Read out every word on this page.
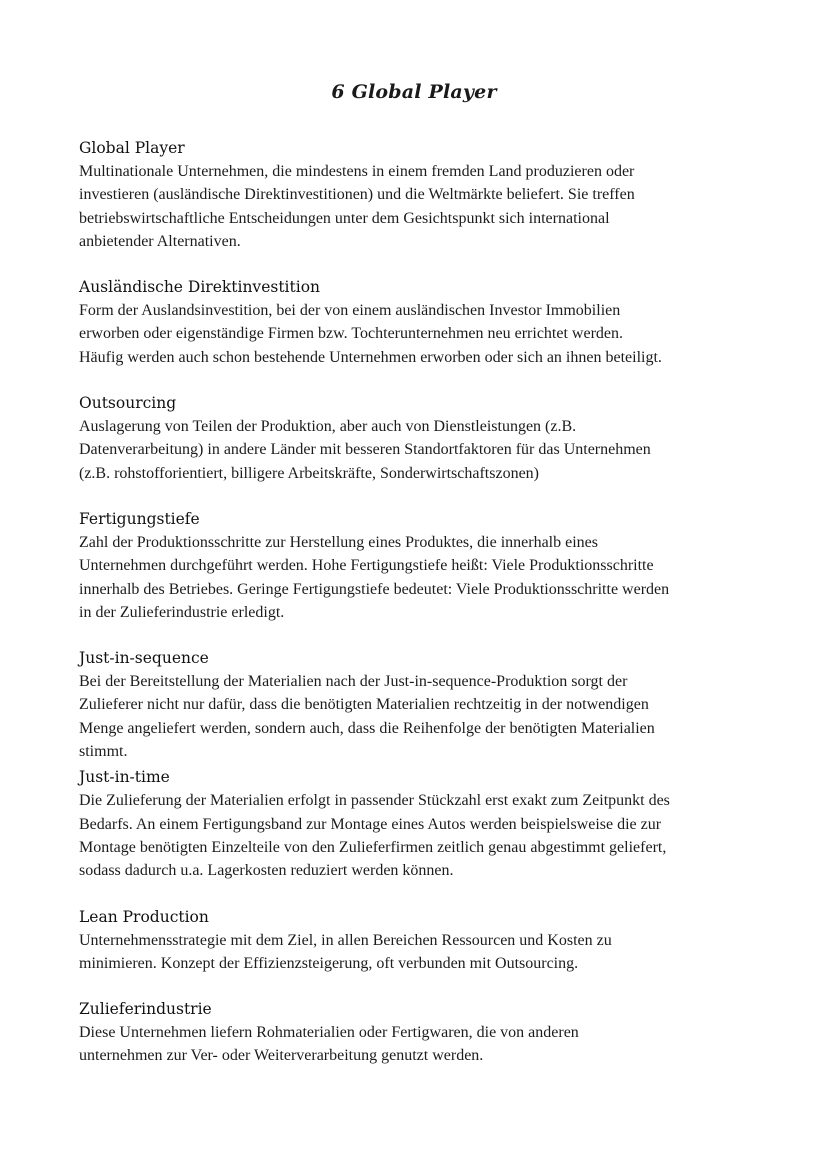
6 Global Player

Global Player

Multinationale Unternehmen, die mindestens in einem fremden Land produzieren oder

investieren (ausländische Direktinvestitionen) und die Weltmärkte beliefert. Sie treffen

betriebswirtschaftliche Entscheidungen unter dem Gesichtspunkt sich international

anbietender Alternativen.

Ausländische Direktinvestition

Form der Auslandsinvestition, bei der von einem ausländischen Investor Immobilien

erworben oder eigenständige Firmen bzw. Tochterunternehmen neu errichtet werden.

Häufig werden auch schon bestehende Unternehmen erworben oder sich an ihnen beteiligt.

Outsourcing

Auslagerung von Teilen der Produktion, aber auch von Dienstleistungen (z.B.

Datenverarbeitung) in andere Länder mit besseren Standortfaktoren für das Unternehmen

(z.B. rohstofforientiert, billigere Arbeitskräfte, Sonderwirtschaftszonen)

Fertigungstiefe

Zahl der Produktionsschritte zur Herstellung eines Produktes, die innerhalb eines

Unternehmen durchgeführt werden. Hohe Fertigungstiefe heißt: Viele Produktionsschritte

innerhalb des Betriebes. Geringe Fertigungstiefe bedeutet: Viele Produktionsschritte werden

in der Zulieferindustrie erledigt.

Just-in-sequence

Bei der Bereitstellung der Materialien nach der Just-in-sequence-Produktion sorgt der

Zulieferer nicht nur dafür, dass die benötigten Materialien rechtzeitig in der notwendigen

Menge angeliefert werden, sondern auch, dass die Reihenfolge der benötigten Materialien

stimmt.

Just-in-time

Die Zulieferung der Materialien erfolgt in passender Stückzahl erst exakt zum Zeitpunkt des

Bedarfs. An einem Fertigungsband zur Montage eines Autos werden beispielsweise die zur

Montage benötigten Einzelteile von den Zulieferfirmen zeitlich genau abgestimmt geliefert,

sodass dadurch u.a. Lagerkosten reduziert werden können.

Lean Production

Unternehmensstrategie mit dem Ziel, in allen Bereichen Ressourcen und Kosten zu

minimieren. Konzept der Effizienzsteigerung, oft verbunden mit Outsourcing.

Zulieferindustrie

Diese Unternehmen liefern Rohmaterialien oder Fertigwaren, die von anderen

unternehmen zur Ver- oder Weiterverarbeitung genutzt werden.
